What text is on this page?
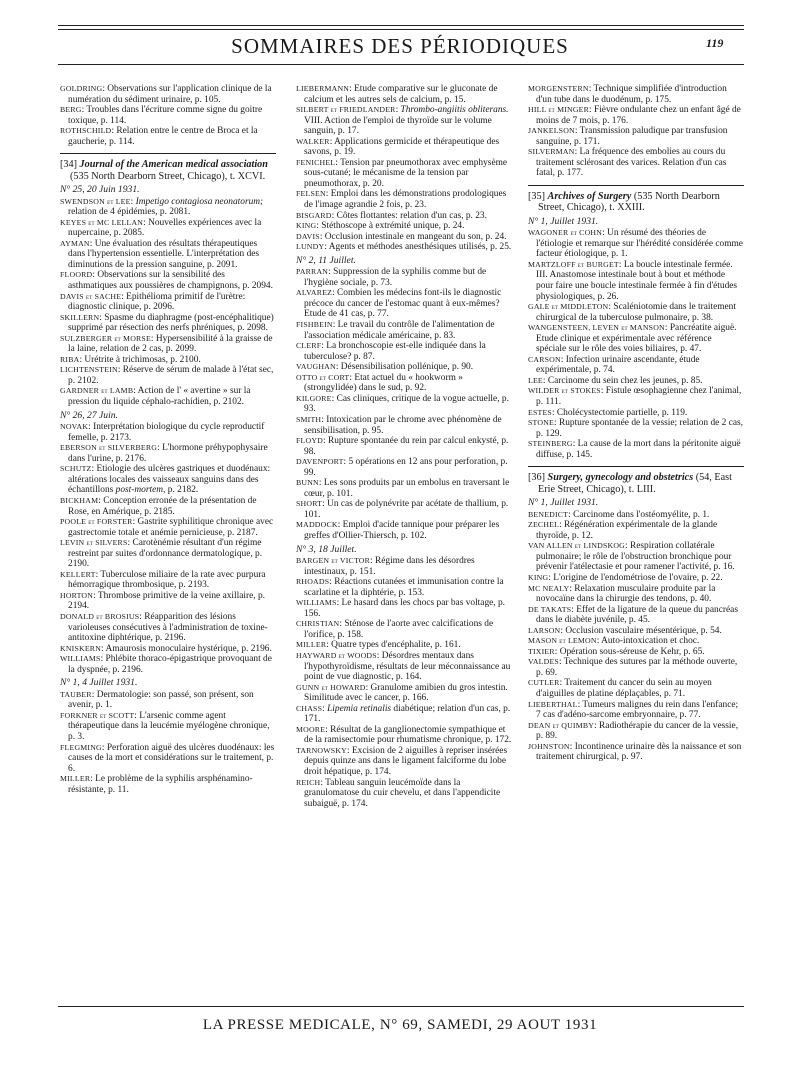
SOMMAIRES DES PÉRIODIQUES	119

GOLDRING: Observations sur l'application clinique de la numération du sédiment urinaire, p. 105.

BERG: Troubles dans l'écriture comme signe du goitre toxique, p. 114.

ROTHSCHILD: Relation entre le centre de Broca et la gaucherie, p. 114.

[34] Journal of the American medical association (535 North Dearborn Street, Chicago), t. XCVI.
N° 25, 20 Juin 1931.

SWENDSON et LEE: Impetigo contagiosa neonatorum; relation de 4 épidémies, p. 2081.

KEYES et MC LELLAN: Nouvelles expériences avec la nupercaine, p. 2085.

AYMAN: Une évaluation des résultats thérapeutiques dans l'hypertension essentielle. L'interprétation des diminutions de la pression sanguine, p. 2091.

FLOORD: Observations sur la sensibilité des asthmatiques aux poussières de champignons, p. 2094.

DAVIS et SACHE: Epithélioma primitif de l'urètre: diagnostic clinique, p. 2096.

SKILLERN: Spasme du diaphragme (post-encéphalitique) supprimé par résection des nerfs phréniques, p. 2098.

SULZBERGER et MORSE: Hypersensibilité à la graisse de la laine, relation de 2 cas, p. 2099.

RIBA: Urétrite à trichimosas, p. 2100.

LICHTENSTEIN: Réserve de sérum de malade à l'état sec, p. 2102.

GARDNER et LAMB: Action de l' « avertine » sur la pression du liquide céphalo-rachidien, p. 2102.

N° 26, 27 Juin.

NOVAK: Interprétation biologique du cycle reproductif femelle, p. 2173.

EBERSON et SILVERBERG: L'hormone préhypophysaire dans l'urine, p. 2176.

SCHUTZ: Etiologie des ulcères gastriques et duodénaux: altérations locales des vaisseaux sanguins dans des échantillons post-mortem, p. 2182.

BICKHAM: Conception erronée de la présentation de Rose, en Amérique, p. 2185.

POOLE et FORSTER: Gastrite syphilitique chronique avec gastrectomie totale et anémie pernicieuse, p. 2187.

LEVIN et SILVERS: Carotènémie résultant d'un régime restreint par suites d'ordonnance dermatologique, p. 2190.

KELLERT: Tuberculose miliaire de la rate avec purpura hémorragique thrombosique, p. 2193.

HORTON: Thrombose primitive de la veine axillaire, p. 2194.

DONALD et BROSIUS: Réapparition des lésions varioleuses consécutives à l'administration de toxine-antitoxine diphtérique, p. 2196.

KNISKERN: Amaurosis monoculaire hystérique, p. 2196.

WILLIAMS: Phlébite thoraco-épigastrique provoquant de la dyspnée, p. 2196.

N° 1, 4 Juillet 1931.

TAUBER: Dermatologie: son passé, son présent, son avenir, p. 1.

FORKNER et SCOTT: L'arsenic comme agent thérapeutique dans la leucémie myélogène chronique, p. 3.

FLEGMING: Perforation aiguë des ulcères duodénaux: les causes de la mort et considérations sur le traitement, p. 6.

MILLER: Le problème de la syphilis arsphénamino-résistante, p. 11.

LIEBERMANN: Etude comparative sur le gluconate de calcium et les autres sels de calcium, p. 15.

SILBERT et FRIEDLANDER: Thrombo-angiitis obliterans. VIII. Action de l'emploi de thyroïde sur le volume sanguin, p. 17.

WALKER: Applications germicide et thérapeutique des savons, p. 19.

FENICHEL: Tension par pneumothorax avec emphysème sous-cutané; le mécanisme de la tension par pneumothorax, p. 20.

FELSEN: Emploi dans les démonstrations prodologiques de l'image agrandie 2 fois, p. 23.

BISGARD: Côtes flottantes: relation d'un cas, p. 23.

KING: Stéthoscope à extrémité unique, p. 24.

DAVIS: Occlusion intestinale en mangeant du son, p. 24.

LUNDY: Agents et méthodes anesthésiques utilisés, p. 25.

N° 2, 11 Juillet.

PARRAN: Suppression de la syphilis comme but de l'hygiène sociale, p. 73.

ALVAREZ: Combien les médecins font-ils le diagnostic précoce du cancer de l'estomac quant à eux-mêmes? Etude de 41 cas, p. 77.

FISHBEIN: Le travail du contrôle de l'alimentation de l'association médicale américaine, p. 83.

CLERF: La bronchoscopie est-elle indiquée dans la tuberculose? p. 87.

VAUGHAN: Désensibilisation pollénique, p. 90.

OTTO et CORT: Etat actuel du « hookworm » (strongylidée) dans le sud, p. 92.

KILGORE: Cas cliniques, critique de la vogue actuelle, p. 93.

SMITH: Intoxication par le chrome avec phénomène de sensibilisation, p. 95.

FLOYD: Rupture spontanée du rein par calcul enkysté, p. 98.

DAVENPORT: 5 opérations en 12 ans pour perforation, p. 99.

BUNN: Les sons produits par un embolus en traversant le cœur, p. 101.

SHORT: Un cas de polynévrite par acétate de thallium, p. 101.

MADDOCK: Emploi d'acide tannique pour préparer les greffes d'Ollier-Thiersch, p. 102.

N° 3, 18 Juillet.

BARGEN et VICTOR: Régime dans les désordres intestinaux, p. 151.

RHOADS: Réactions cutanées et immunisation contre la scarlatine et la diphtérie, p. 153.

WILLIAMS: Le hasard dans les chocs par bas voltage, p. 156.

CHRISTIAN: Sténose de l'aorte avec calcifications de l'orifice, p. 158.

MILLER: Quatre types d'encéphalite, p. 161.

HAYWARD et WOODS: Désordres mentaux dans l'hypothyroïdisme, résultats de leur méconnaissance au point de vue diagnostic, p. 164.

GUNN et HOWARD: Granulome amibien du gros intestin. Similitude avec le cancer, p. 166.

CHASS: Lipemia retinalis diabétique; relation d'un cas, p. 171.

MOORE: Résultat de la ganglionectomie sympathique et de la ramisectomie pour rhumatisme chronique, p. 172.

TARNOWSKY: Excision de 2 aiguilles à repriser insérées depuis quinze ans dans le ligament falciforme du lobe droit hépatique, p. 174.

REICH: Tableau sanguin leucémoïde dans la granulomatose du cuir chevelu, et dans l'appendicite subaiguë, p. 174.

MORGENSTERN: Technique simplifiée d'introduction d'un tube dans le duodénum, p. 175.

HILL et MINGER: Fièvre ondulante chez un enfant âgé de moins de 7 mois, p. 176.

JANKELSON: Transmission paludique par transfusion sanguine, p. 171.

SILVERMAN: La fréquence des embolies au cours du traitement sclérosant des varices. Relation d'un cas fatal, p. 177.

[35] Archives of Surgery (535 North Dearborn Street, Chicago), t. XXIII.
N° 1, Juillet 1931.

WAGONER et COHN: Un résumé des théories de l'étiologie et remarque sur l'hérédité considérée comme facteur étiologique, p. 1.

MARTZLOFF et BURGET: La boucle intestinale fermée. III. Anastomose intestinale bout à bout et méthode pour faire une boucle intestinale fermée à fin d'études physiologiques, p. 26.

GALE et MIDDLETON: Scaléniotomie dans le traitement chirurgical de la tuberculose pulmonaire, p. 38.

WANGENSTEEN, LEVEN et MANSON: Pancréatite aiguë. Etude clinique et expérimentale avec référence spéciale sur le rôle des voies biliaires, p. 47.

CARSON: Infection urinaire ascendante, étude expérimentale, p. 74.

LEE: Carcinome du sein chez les jeunes, p. 85.

WILDER et STOKES: Fistule œsophagienne chez l'animal, p. 111.

ESTES: Cholécystectomie partielle, p. 119.

STONE: Rupture spontanée de la vessie; relation de 2 cas, p. 129.

STEINBERG: La cause de la mort dans la péritonite aiguë diffuse, p. 145.

[36] Surgery, gynecology and obstetrics (54, East Erie Street, Chicago), t. LIII.
N° 1, Juillet 1931.

BENEDICT: Carcinome dans l'ostéomyélite, p. 1.

ZECHEL: Régénération expérimentale de la glande thyroïde, p. 12.

VAN ALLEN et LINDSKOG: Respiration collatérale pulmonaire; le rôle de l'obstruction bronchique pour prévenir l'atélectasie et pour ramener l'activité, p. 16.

KING: L'origine de l'endométriose de l'ovaire, p. 22.

MC NEALY: Relaxation musculaire produite par la novocaïne dans la chirurgie des tendons, p. 40.

DE TAKATS: Effet de la ligature de la queue du pancréas dans le diabète juvénile, p. 45.

LARSON: Occlusion vasculaire mésentérique, p. 54.

MASON et LEMON: Auto-intoxication et choc.

TIXIER: Opération sous-séreuse de Kehr, p. 65.

VALDES: Technique des sutures par la méthode ouverte, p. 69.

CUTLER: Traitement du cancer du sein au moyen d'aiguilles de platine déplaçables, p. 71.

LIEBERTHAL: Tumeurs malignes du rein dans l'enfance; 7 cas d'adéno-sarcome embryonnaire, p. 77.

DEAN et QUIMBY: Radiothérapie du cancer de la vessie, p. 89.

JOHNSTON: Incontinence urinaire dès la naissance et son traitement chirurgical, p. 97.

LA PRESSE MEDICALE, N° 69, SAMEDI, 29 AOUT 1931
